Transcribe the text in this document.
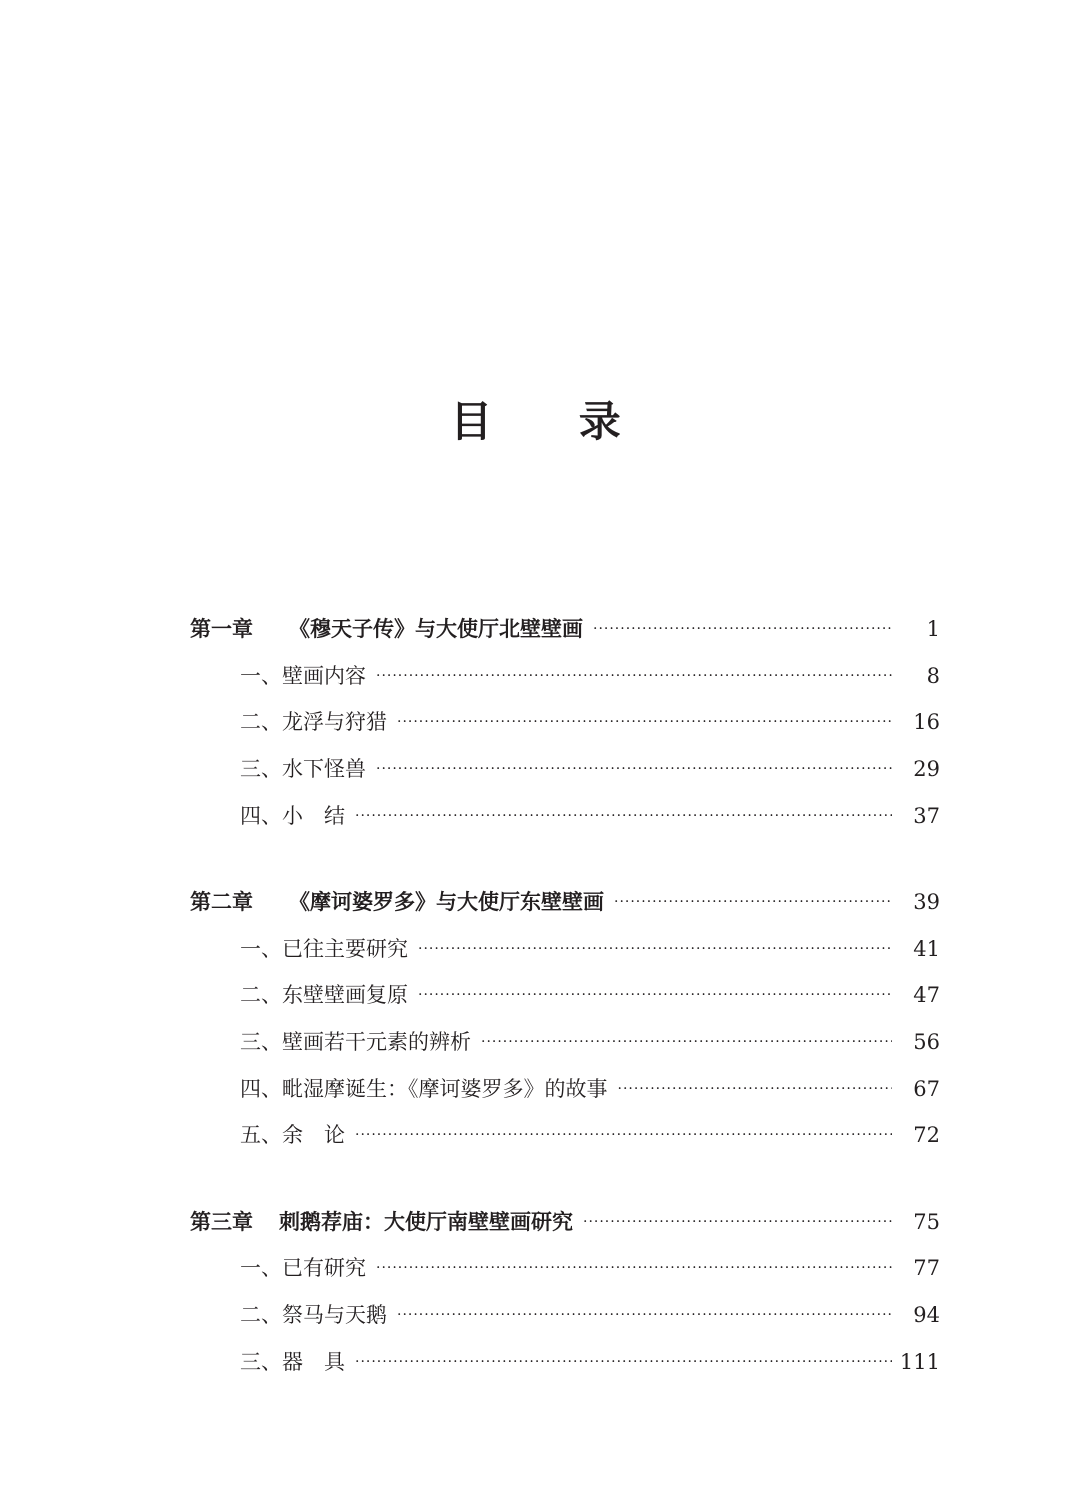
目 录
第一章 《穆天子传》与大使厅北壁壁画 ·····	1
一、壁画内容 ·····	8
二、龙浮与狩猎 ·····	16
三、水下怪兽 ·····	29
四、小　结 ·····	37
第二章 《摩诃婆罗多》与大使厅东壁壁画 ·····	39
一、已往主要研究 ·····	41
二、东壁壁画复原 ·····	47
三、壁画若干元素的辨析 ·····	56
四、毗湿摩诞生：《摩诃婆罗多》的故事 ·····	67
五、余　论 ·····	72
第三章 刺鹅荐庙：大使厅南壁壁画研究 ·····	75
一、已有研究 ·····	77
二、祭马与天鹅 ·····	94
三、器　具 ·····	111
